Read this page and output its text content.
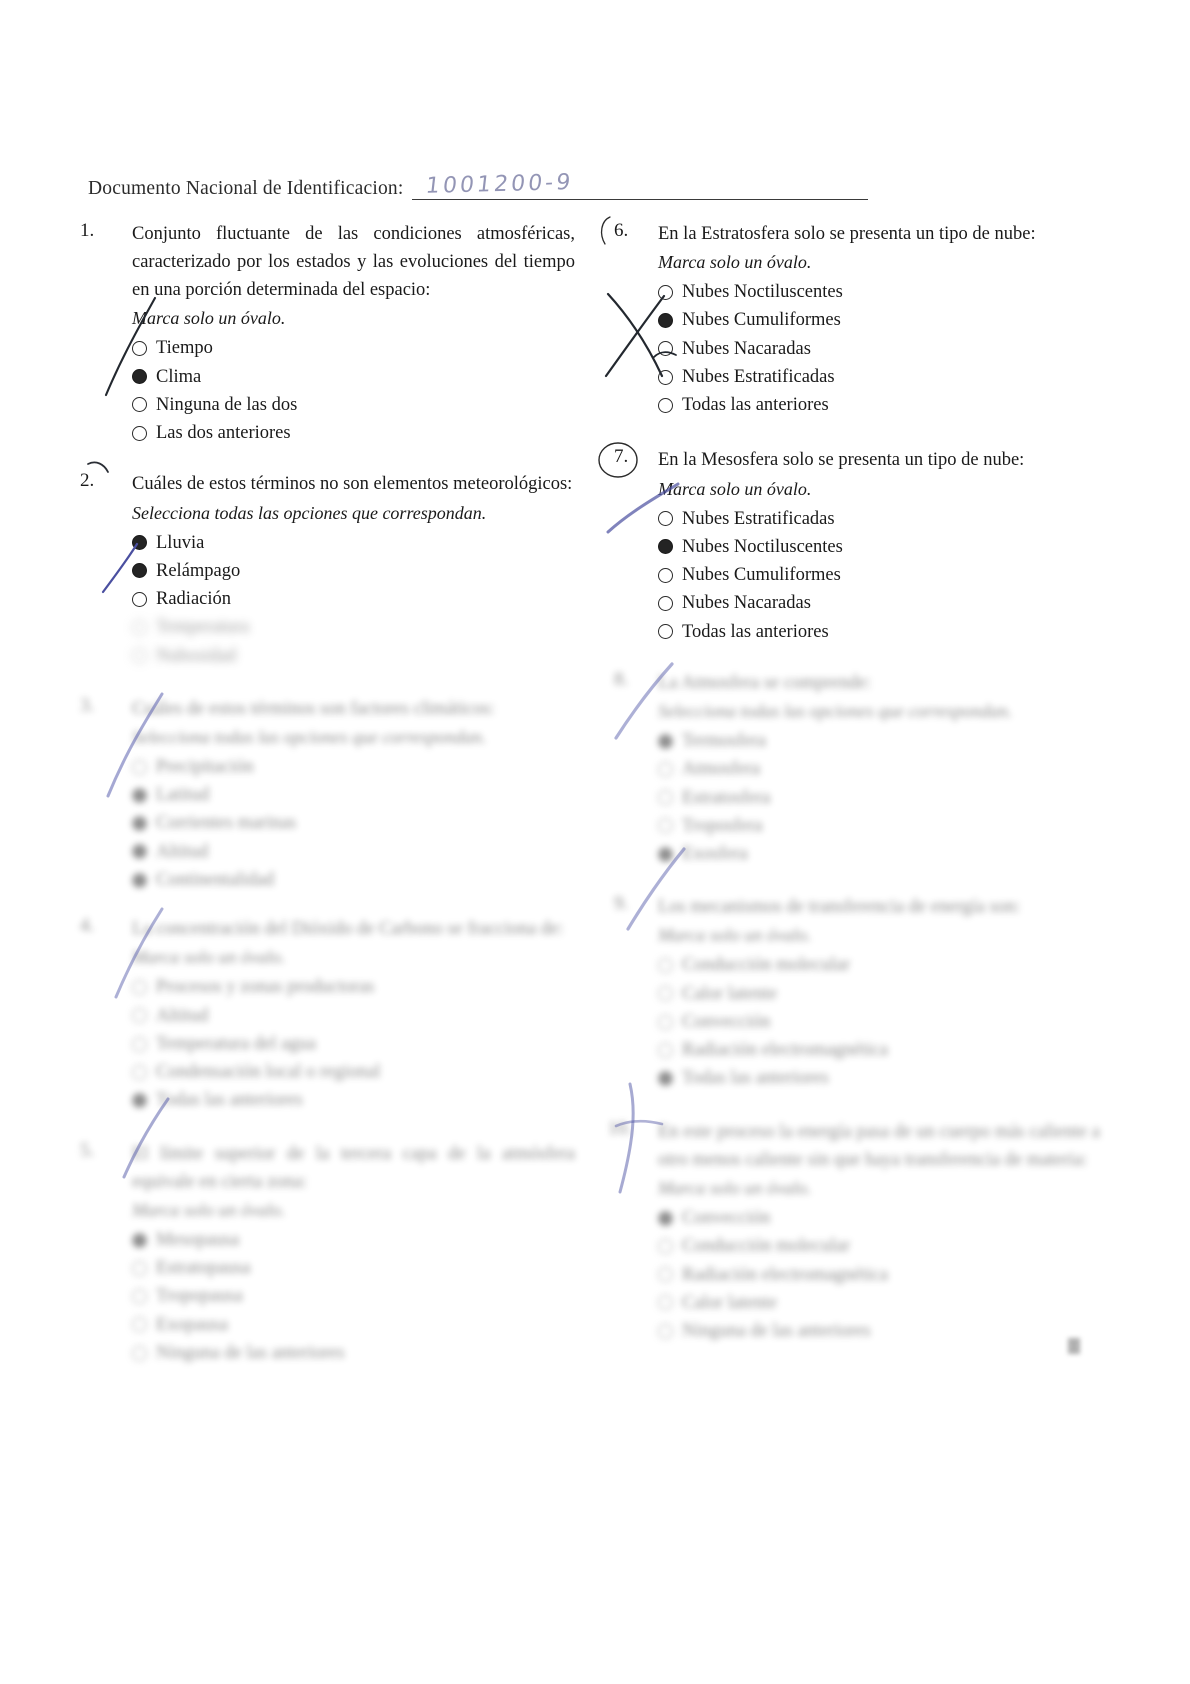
Documento Nacional de Identificacion: 1001200-9
1.	Conjunto fluctuante de las condiciones atmosféricas, caracterizado por los estados y las evoluciones del tiempo en una porción determinada del espacio:
Marca solo un óvalo.
Tiempo
Clima
Ninguna de las dos
Las dos anteriores
2.	Cuáles de estos términos no son elementos meteorológicos:
Selecciona todas las opciones que correspondan.
Lluvia
Relámpago
Radiación
Temperatura
Nubosidad
3.	Cuáles de estos términos son factores climáticos:
Selecciona todas las opciones que correspondan.
Precipitación
Latitud
Corrientes marinas
Altitud
Continentalidad
4.	La concentración del Dióxido de Carbono se fracciona de:
Marca solo un óvalo.
Procesos y zonas productoras
Altitud
Temperatura del agua
Condensación local o regional
Todas las anteriores
5.	El límite superior de la tercera capa de la atmósfera equivale en cierta zona:
Marca solo un óvalo.
Mesopausa
Estratopausa
Tropopausa
Exopausa
Ninguna de las anteriores
6.	En la Estratosfera solo se presenta un tipo de nube:
Marca solo un óvalo.
Nubes Noctiluscentes
Nubes Cumuliformes
Nubes Nacaradas
Nubes Estratificadas
Todas las anteriores
7.	En la Mesosfera solo se presenta un tipo de nube:
Marca solo un óvalo.
Nubes Estratificadas
Nubes Noctiluscentes
Nubes Cumuliformes
Nubes Nacaradas
Todas las anteriores
8.	La Atmosfera se comprende:
Selecciona todas las opciones que correspondan.
Termosfera
Atmosfera
Estratosfera
Troposfera
Exosfera
9.	Los mecanismos de transferencia de energía son:
Marca solo un óvalo.
Conducción molecular
Calor latente
Convección
Radiación electromagnética
Todas las anteriores
10.	En este proceso la energía pasa de un cuerpo más caliente a otro menos caliente sin que haya transferencia de materia:
Marca solo un óvalo.
Convección
Conducción molecular
Radiación electromagnética
Calor latente
Ninguna de las anteriores
